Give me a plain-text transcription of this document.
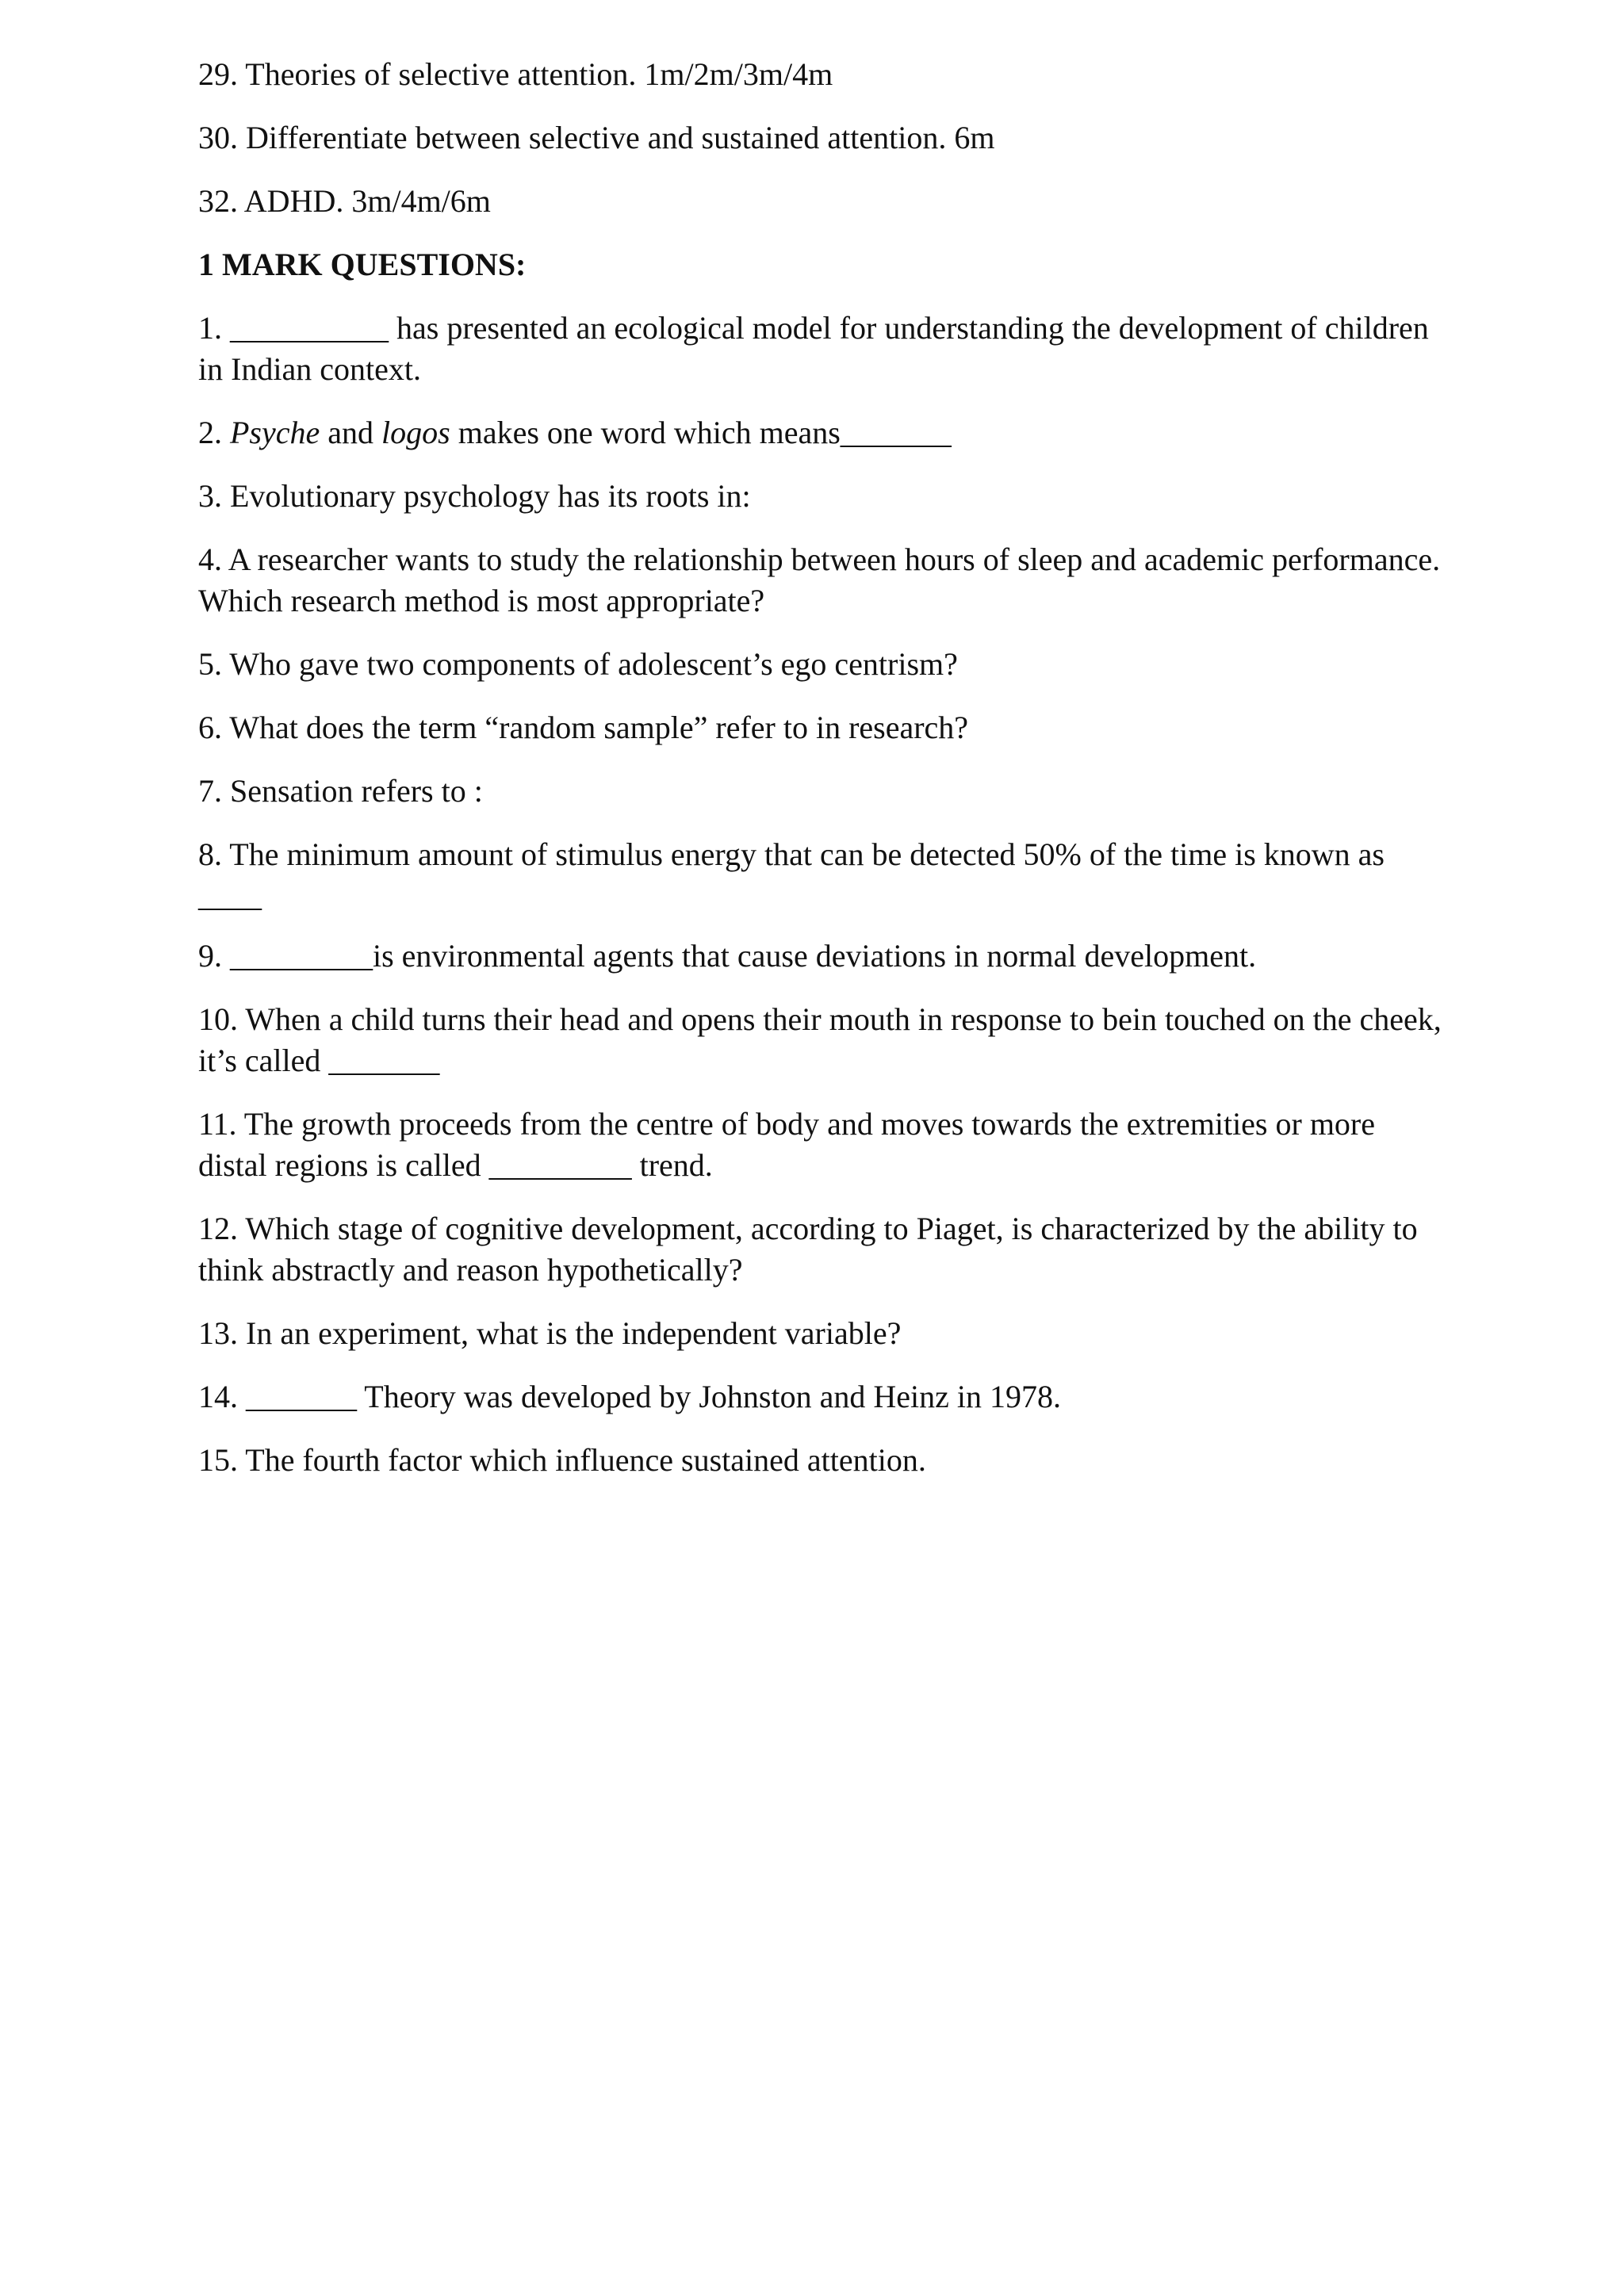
29. Theories of selective attention. 1m/2m/3m/4m

30. Differentiate between selective and sustained attention. 6m

32. ADHD. 3m/4m/6m

1 MARK QUESTIONS:

1. __________ has presented an ecological model for understanding the development of children in Indian context.

2. Psyche and logos makes one word which means_______

3. Evolutionary psychology has its roots in:

4. A researcher wants to study the relationship between hours of sleep and academic performance. Which research method is most appropriate?

5. Who gave two components of adolescent’s ego centrism?

6. What does the term “random sample” refer to in research?

7. Sensation refers to :

8. The minimum amount of stimulus energy that can be detected 50% of the time is known as ____

9. _________is environmental agents that cause deviations in normal development.

10. When a child turns their head and opens their mouth in response to bein touched on the cheek, it’s called _______

11. The growth proceeds from the centre of body and moves towards the extremities or more distal regions is called _________ trend.

12. Which stage of cognitive development, according to Piaget, is characterized by the ability to think abstractly and reason hypothetically?

13. In an experiment, what is the independent variable?

14. _______ Theory was developed by Johnston and Heinz in 1978.

15. The fourth factor which influence sustained attention.
